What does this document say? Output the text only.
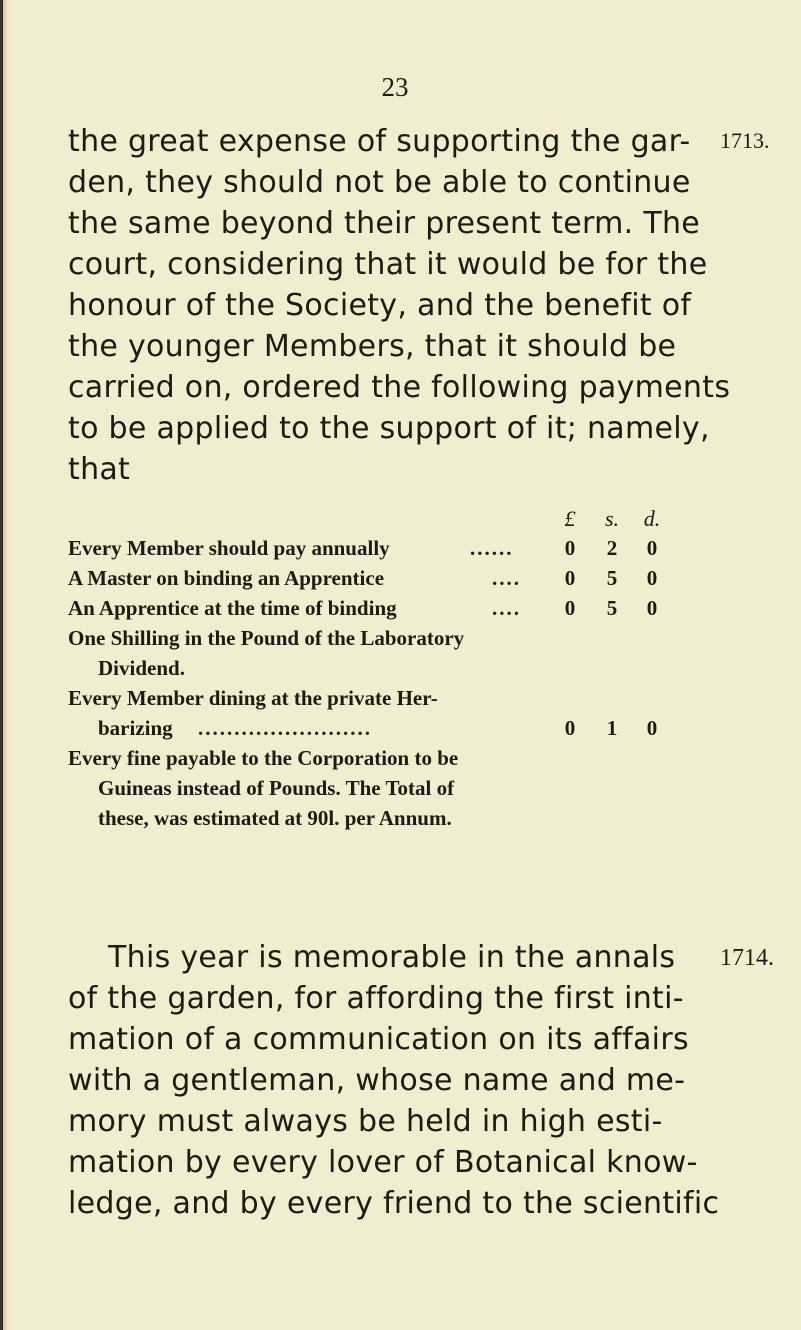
23

the great expense of supporting the gar-
den, they should not be able to continue
the same beyond their present term. The
court, considering that it would be for the
honour of the Society, and the benefit of
the younger Members, that it should be
carried on, ordered the following payments
to be applied to the support of it; namely,
that

1713.
£	s. d.
Every Member should pay annually	......	0	2	0
A Master on binding an Apprentice	....	0	5	0
An Apprentice at the time of binding	....	0	5	0
One Shilling in the Pound of the Laboratory
Dividend.
Every Member dining at the private Her-
barizing ........................	0	1	0
Every fine payable to the Corporation to be
Guineas instead of Pounds. The Total of
these, was estimated at 90l. per Annum.

This year is memorable in the annals
of the garden, for affording the first inti-
mation of a communication on its affairs
with a gentleman, whose name and me-
mory must always be held in high esti-
mation by every lover of Botanical know-
ledge, and by every friend to the scientific

1714.
